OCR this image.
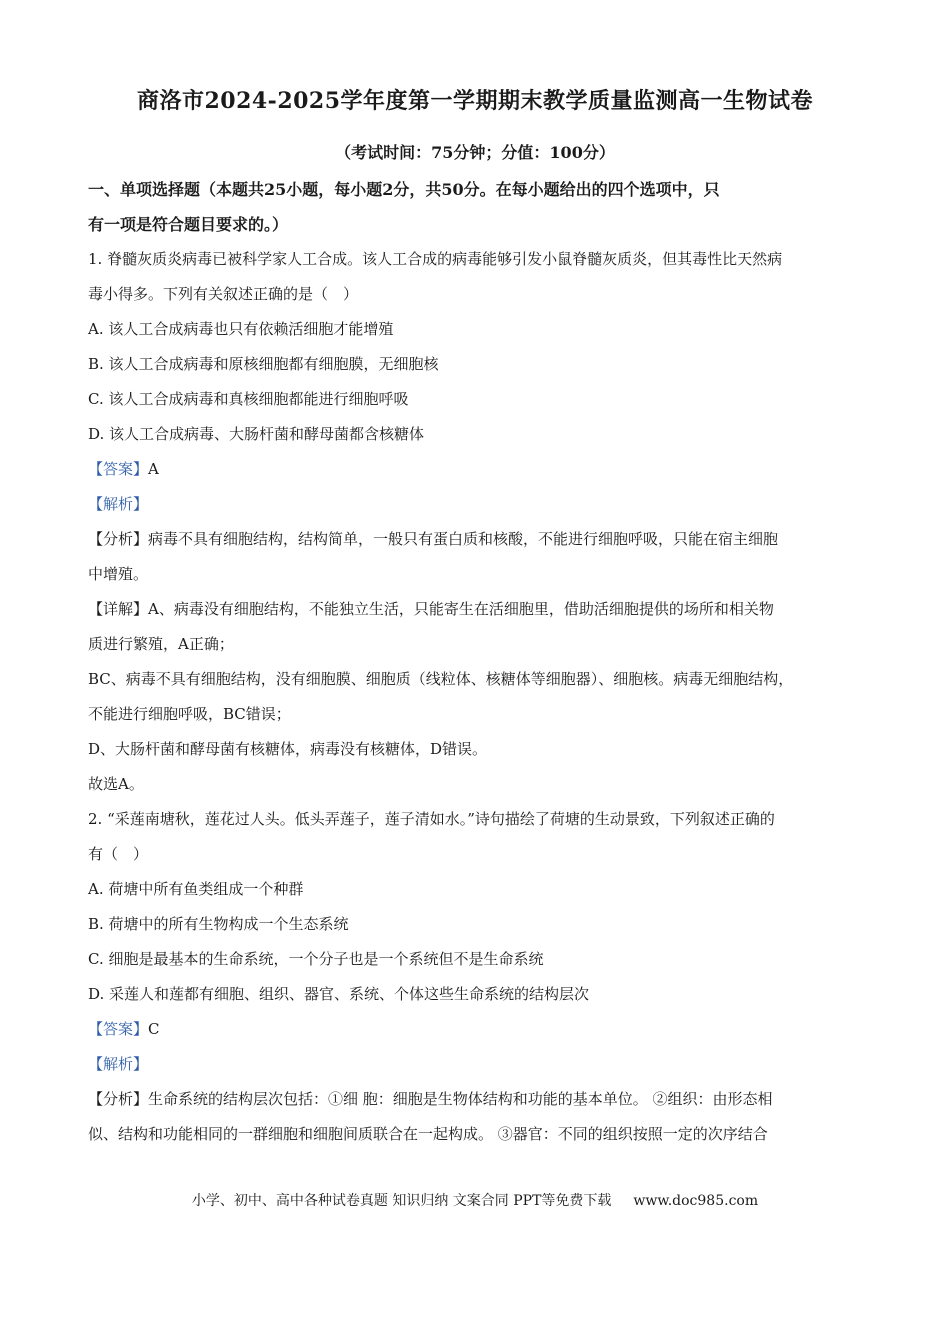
商洛市2024-2025学年度第一学期期末教学质量监测高一生物试卷
（考试时间：75分钟；分值：100分）
一、单项选择题（本题共25小题，每小题2分，共50分。在每小题给出的四个选项中，只
有一项是符合题目要求的。）
1. 脊髓灰质炎病毒已被科学家人工合成。该人工合成的病毒能够引发小鼠脊髓灰质炎，但其毒性比天然病
毒小得多。下列有关叙述正确的是（　）
A. 该人工合成病毒也只有依赖活细胞才能增殖
B. 该人工合成病毒和原核细胞都有细胞膜，无细胞核
C. 该人工合成病毒和真核细胞都能进行细胞呼吸
D. 该人工合成病毒、大肠杆菌和酵母菌都含核糖体
【答案】A
【解析】
【分析】病毒不具有细胞结构，结构简单，一般只有蛋白质和核酸，不能进行细胞呼吸，只能在宿主细胞
中增殖。
【详解】A、病毒没有细胞结构，不能独立生活，只能寄生在活细胞里，借助活细胞提供的场所和相关物
质进行繁殖，A正确；
BC、病毒不具有细胞结构，没有细胞膜、细胞质（线粒体、核糖体等细胞器）、细胞核。病毒无细胞结构，
不能进行细胞呼吸，BC错误；
D、大肠杆菌和酵母菌有核糖体，病毒没有核糖体，D错误。
故选A。
2. “采莲南塘秋，莲花过人头。低头弄莲子，莲子清如水。”诗句描绘了荷塘的生动景致，下列叙述正确的
有（　）
A. 荷塘中所有鱼类组成一个种群
B. 荷塘中的所有生物构成一个生态系统
C. 细胞是最基本的生命系统，一个分子也是一个系统但不是生命系统
D. 采莲人和莲都有细胞、组织、器官、系统、个体这些生命系统的结构层次
【答案】C
【解析】
【分析】生命系统的结构层次包括：①细 胞：细胞是生物体结构和功能的基本单位。 ②组织：由形态相
似、结构和功能相同的一群细胞和细胞间质联合在一起构成。 ③器官：不同的组织按照一定的次序结合
小学、初中、高中各种试卷真题 知识归纳 文案合同 PPT等免费下载 www.doc985.com
